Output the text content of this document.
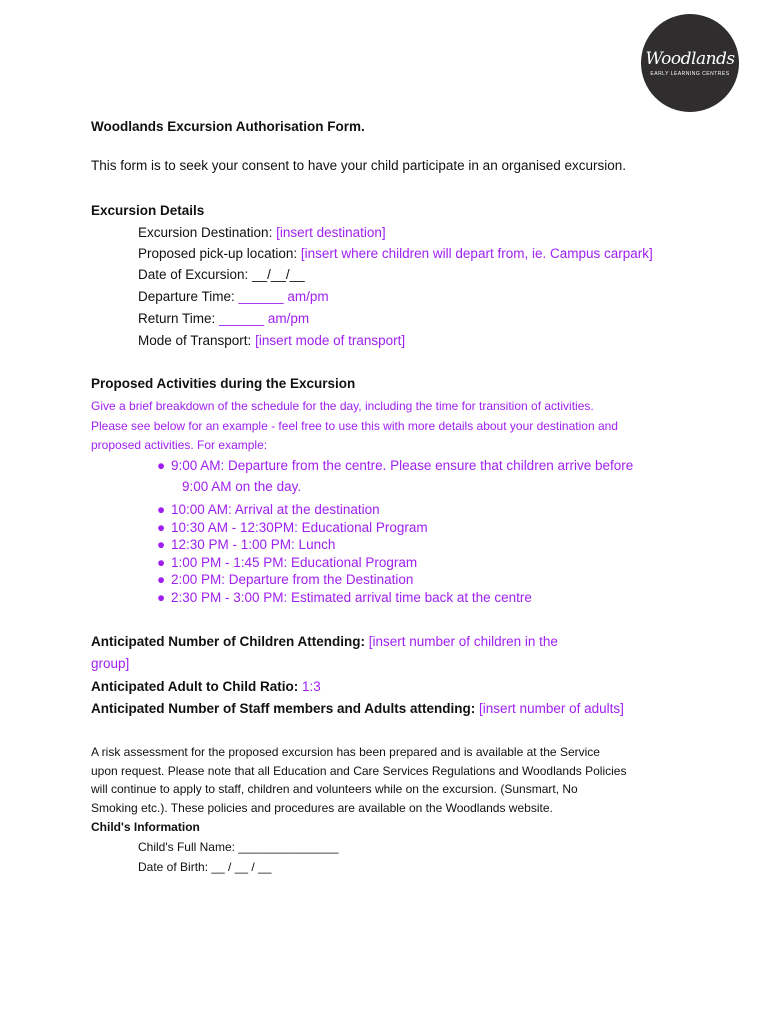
Woodlands
EARLY LEARNING CENTRES
Woodlands Excursion Authorisation Form.
This form is to seek your consent to have your child participate in an organised excursion.
Excursion Details
Excursion Destination: [insert destination]
Proposed pick-up location: [insert where children will depart from, ie. Campus carpark]
Date of Excursion: __/__/__
Departure Time: ______ am/pm
Return Time: ______ am/pm
Mode of Transport: [insert mode of transport]
Proposed Activities during the Excursion
Give a brief breakdown of the schedule for the day, including the time for transition of activities.
Please see below for an example - feel free to use this with more details about your destination and
proposed activities. For example:
● 9:00 AM: Departure from the centre. Please ensure that children arrive before
9:00 AM on the day.
● 10:00 AM: Arrival at the destination
● 10:30 AM - 12:30PM: Educational Program
● 12:30 PM - 1:00 PM: Lunch
● 1:00 PM - 1:45 PM: Educational Program
● 2:00 PM: Departure from the Destination
● 2:30 PM - 3:00 PM: Estimated arrival time back at the centre
Anticipated Number of Children Attending: [insert number of children in the
group]
Anticipated Adult to Child Ratio: 1:3
Anticipated Number of Staff members and Adults attending: [insert number of adults]
A risk assessment for the proposed excursion has been prepared and is available at the Service
upon request. Please note that all Education and Care Services Regulations and Woodlands Policies
will continue to apply to staff, children and volunteers while on the excursion. (Sunsmart, No
Smoking etc.). These policies and procedures are available on the Woodlands website.
Child's Information
Child's Full Name: _______________
Date of Birth: __ / __ / __
